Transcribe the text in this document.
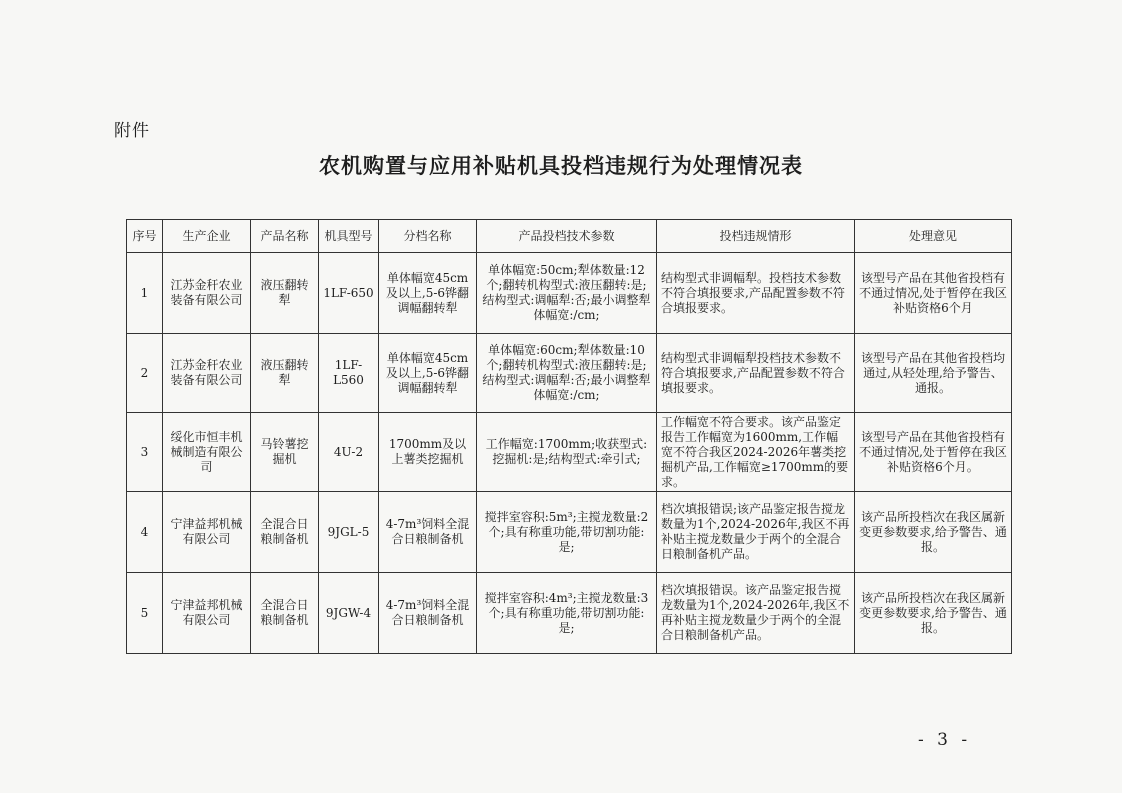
附件
农机购置与应用补贴机具投档违规行为处理情况表
序号	生产企业	产品名称	机具型号	分档名称	产品投档技术参数	投档违规情形	处理意见
1	江苏金秆农业装备有限公司	液压翻转犁	1LF-650	单体幅宽45cm及以上,5-6铧翻调幅翻转犁	单体幅宽:50cm;犁体数量:12个;翻转机构型式:液压翻转:是;结构型式:调幅犁:否;最小调整犁体幅宽:/cm;	结构型式非调幅犁。投档技术参数不符合填报要求,产品配置参数不符合填报要求。	该型号产品在其他省投档有不通过情况,处于暂停在我区补贴资格6个月
2	江苏金秆农业装备有限公司	液压翻转犁	1LF-L560	单体幅宽45cm及以上,5-6铧翻调幅翻转犁	单体幅宽:60cm;犁体数量:10个;翻转机构型式:液压翻转:是;结构型式:调幅犁:否;最小调整犁体幅宽:/cm;	结构型式非调幅犁投档技术参数不符合填报要求,产品配置参数不符合填报要求。	该型号产品在其他省投档均通过,从轻处理,给予警告、通报。
3	绥化市恒丰机械制造有限公司	马铃薯挖掘机	4U-2	1700mm及以上薯类挖掘机	工作幅宽:1700mm;收获型式:挖掘机:是;结构型式:牵引式;	工作幅宽不符合要求。该产品鉴定报告工作幅宽为1600mm,工作幅宽不符合我区2024-2026年薯类挖掘机产品,工作幅宽≥1700mm的要求。	该型号产品在其他省投档有不通过情况,处于暂停在我区补贴资格6个月。
4	宁津益邦机械有限公司	全混合日粮制备机	9JGL-5	4-7m³饲料全混合日粮制备机	搅拌室容积:5m³;主搅龙数量:2个;具有称重功能,带切割功能:是;	档次填报错误;该产品鉴定报告搅龙数量为1个,2024-2026年,我区不再补贴主搅龙数量少于两个的全混合日粮制备机产品。	该产品所投档次在我区属新变更参数要求,给予警告、通报。
5	宁津益邦机械有限公司	全混合日粮制备机	9JGW-4	4-7m³饲料全混合日粮制备机	搅拌室容积:4m³;主搅龙数量:3个;具有称重功能,带切割功能:是;	档次填报错误。该产品鉴定报告搅龙数量为1个,2024-2026年,我区不再补贴主搅龙数量少于两个的全混合日粮制备机产品。	该产品所投档次在我区属新变更参数要求,给予警告、通报。
- 3 -
